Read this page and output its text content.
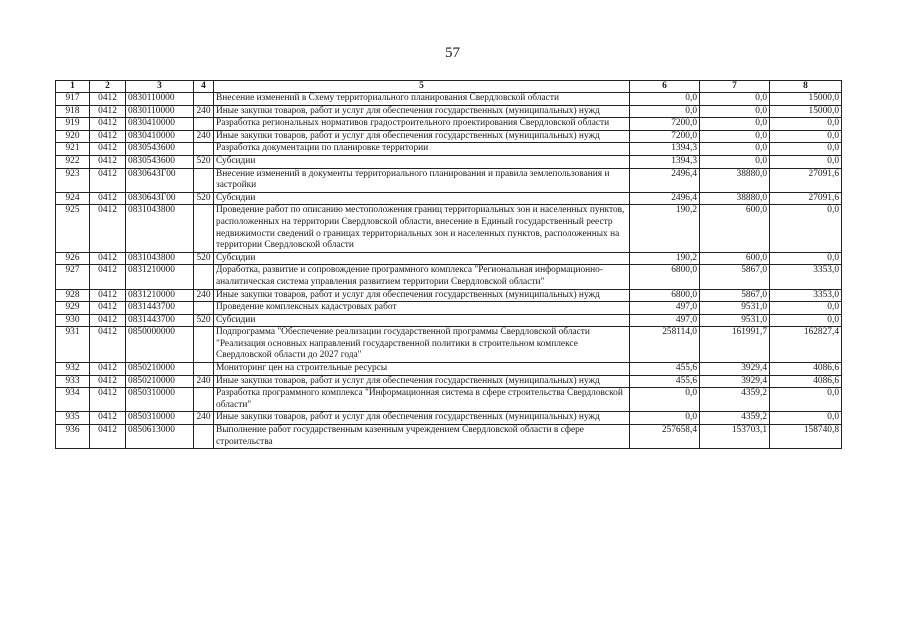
57
1	2	3	4	5	6	7	8
917	0412	0830110000		Внесение изменений в Схему территориального планирования Свердловской области	0,0	0,0	15000,0
918	0412	0830110000	240	Иные закупки товаров, работ и услуг для обеспечения государственных (муниципальных) нужд	0,0	0,0	15000,0
919	0412	0830410000		Разработка региональных нормативов градостроительного проектирования Свердловской области	7200,0	0,0	0,0
920	0412	0830410000	240	Иные закупки товаров, работ и услуг для обеспечения государственных (муниципальных) нужд	7200,0	0,0	0,0
921	0412	0830543600		Разработка документации по планировке территории	1394,3	0,0	0,0
922	0412	0830543600	520	Субсидии	1394,3	0,0	0,0
923	0412	083064ЗГ00		Внесение изменений в документы территориального планирования и правила землепользования и застройки	2496,4	38880,0	27091,6
924	0412	083064ЗГ00	520	Субсидии	2496,4	38880,0	27091,6
925	0412	0831043800		Проведение работ по описанию местоположения границ территориальных зон и населенных пунктов, расположенных на территории Свердловской области, внесение в Единый государственный реестр недвижимости сведений о границах территориальных зон и населенных пунктов, расположенных на территории Свердловской области	190,2	600,0	0,0
926	0412	0831043800	520	Субсидии	190,2	600,0	0,0
927	0412	0831210000		Доработка, развитие и сопровождение программного комплекса "Региональная информационно-аналитическая система управления развитием территории Свердловской области"	6800,0	5867,0	3353,0
928	0412	0831210000	240	Иные закупки товаров, работ и услуг для обеспечения государственных (муниципальных) нужд	6800,0	5867,0	3353,0
929	0412	0831443700		Проведение комплексных кадастровых работ	497,0	9531,0	0,0
930	0412	0831443700	520	Субсидии	497,0	9531,0	0,0
931	0412	0850000000		Подпрограмма "Обеспечение реализации государственной программы Свердловской области "Реализация основных направлений государственной политики в строительном комплексе Свердловской области до 2027 года"	258114,0	161991,7	162827,4
932	0412	0850210000		Мониторинг цен на строительные ресурсы	455,6	3929,4	4086,6
933	0412	0850210000	240	Иные закупки товаров, работ и услуг для обеспечения государственных (муниципальных) нужд	455,6	3929,4	4086,6
934	0412	0850310000		Разработка программного комплекса "Информационная система в сфере строительства Свердловской области"	0,0	4359,2	0,0
935	0412	0850310000	240	Иные закупки товаров, работ и услуг для обеспечения государственных (муниципальных) нужд	0,0	4359,2	0,0
936	0412	0850613000		Выполнение работ государственным казенным учреждением Свердловской области в сфере строительства	257658,4	153703,1	158740,8
